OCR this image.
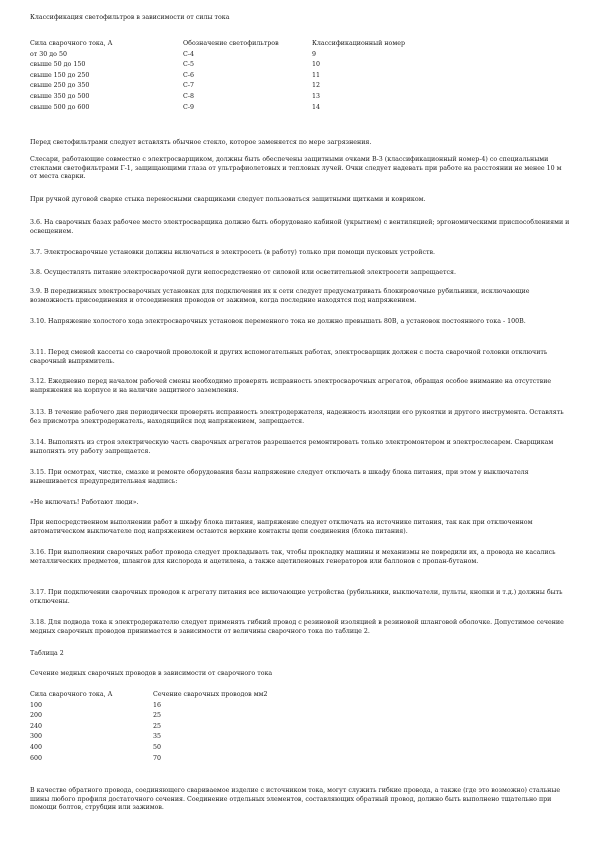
Классификация светофильтров в зависимости от силы тока

Сила сварочного тока, А	Обозначение светофильтров	Классификационный номер
от 30 до 50	С-4	9
свыше 50 до 150	С-5	10
свыше 150 до 250	С-6	11
свыше 250 до 350	С-7	12
свыше 350 до 500	С-8	13
свыше 500 до 600	С-9	14

Перед светофильтрами следует вставлять обычное стекло, которое заменяется по мере загрязнения.

Слесари, работающие совместно с электросварщиком, должны быть обеспечены защитными очками В-3 (классификационный номер-4) со специальными стеклами светофильтрами Г-1, защищающими глаза от ультрафиолетовых и тепловых лучей. Очки следует надевать при работе на расстоянии не менее 10 м от места сварки.

При ручной дуговой сварке стыка переносными сварщиками следует пользоваться защитными щитками и ковриком.

3.6. На сварочных базах рабочее место электросварщика должно быть оборудовано кабиной (укрытием) с вентиляцией; эргономическими приспособлениями и освещением.

3.7. Электросварочные установки должны включаться в электросеть (в работу) только при помощи пусковых устройств.

3.8. Осуществлять питание электросварочной дуги непосредственно от силовой или осветительной электросети запрещается.

3.9. В передвижных электросварочных установках для подключения их к сети следует предусматривать блокировочные рубильники, исключающие возможность присоединения и отсоединения проводов от зажимов, когда последние находятся под напряжением.

3.10. Напряжение холостого хода электросварочных установок переменного тока не должно превышать 80В, а установок постоянного тока - 100В.

3.11. Перед сменой кассеты со сварочной проволокой и других вспомогательных работах, электросварщик должен с поста сварочной головки отключить сварочный выпрямитель.

3.12. Ежедневно перед началом рабочей смены необходимо проверять исправность электросварочных агрегатов, обращая особое внимание на отсутствие напряжения на корпусе и на наличие защитного заземления.

3.13. В течение рабочего дня периодически проверять исправность электродержателя, надежность изоляции его рукоятки и другого инструмента. Оставлять без присмотра электродержатель, находящийся под напряжением, запрещается.

3.14. Выполнять из строя электрическую часть сварочных агрегатов разрешается ремонтировать только электромонтером и электрослесарем. Сварщикам выполнять эту работу запрещается.

3.15. При осмотрах, чистке, смазке и ремонте оборудования базы напряжение следует отключать в шкафу блока питания, при этом у выключателя вывешивается предупредительная надпись:

«Не включать! Работают люди».

При непосредственном выполнении работ в шкафу блока питания, напряжение следует отключать на источнике питания, так как при отключенном автоматическом выключателе под напряжением остаются верхние контакты цепи соединения (блока питания).

3.16. При выполнении сварочных работ провода следует прокладывать так, чтобы прокладку машины и механизмы не повредили их, а провода не касались металлических предметов, шлангов для кислорода и ацетилена, а также ацетиленовых генераторов или баллонов с пропан-бутаном.

3.17. При подключении сварочных проводов к агрегату питания все включающие устройства (рубильники, выключатели, пульты, кнопки и т.д.) должны быть отключены.

3.18. Для подвода тока к электродержателю следует применять гибкий провод с резиновой изоляцией в резиновой шланговой оболочке. Допустимое сечение медных сварочных проводов принимается в зависимости от величины сварочного тока по таблице 2.

Таблица 2

Сечение медных сварочных проводов в зависимости от сварочного тока

Сила сварочного тока, А	Сечение сварочных проводов мм2
100	16
200	25
240	25
300	35
400	50
600	70

В качестве обратного провода, соединяющего свариваемое изделие с источником тока, могут служить гибкие провода, а также (где это возможно) стальные шины любого профиля достаточного сечения. Соединение отдельных элементов, составляющих обратный провод, должно быть выполнено тщательно при помощи болтов, струбцин или зажимов.
